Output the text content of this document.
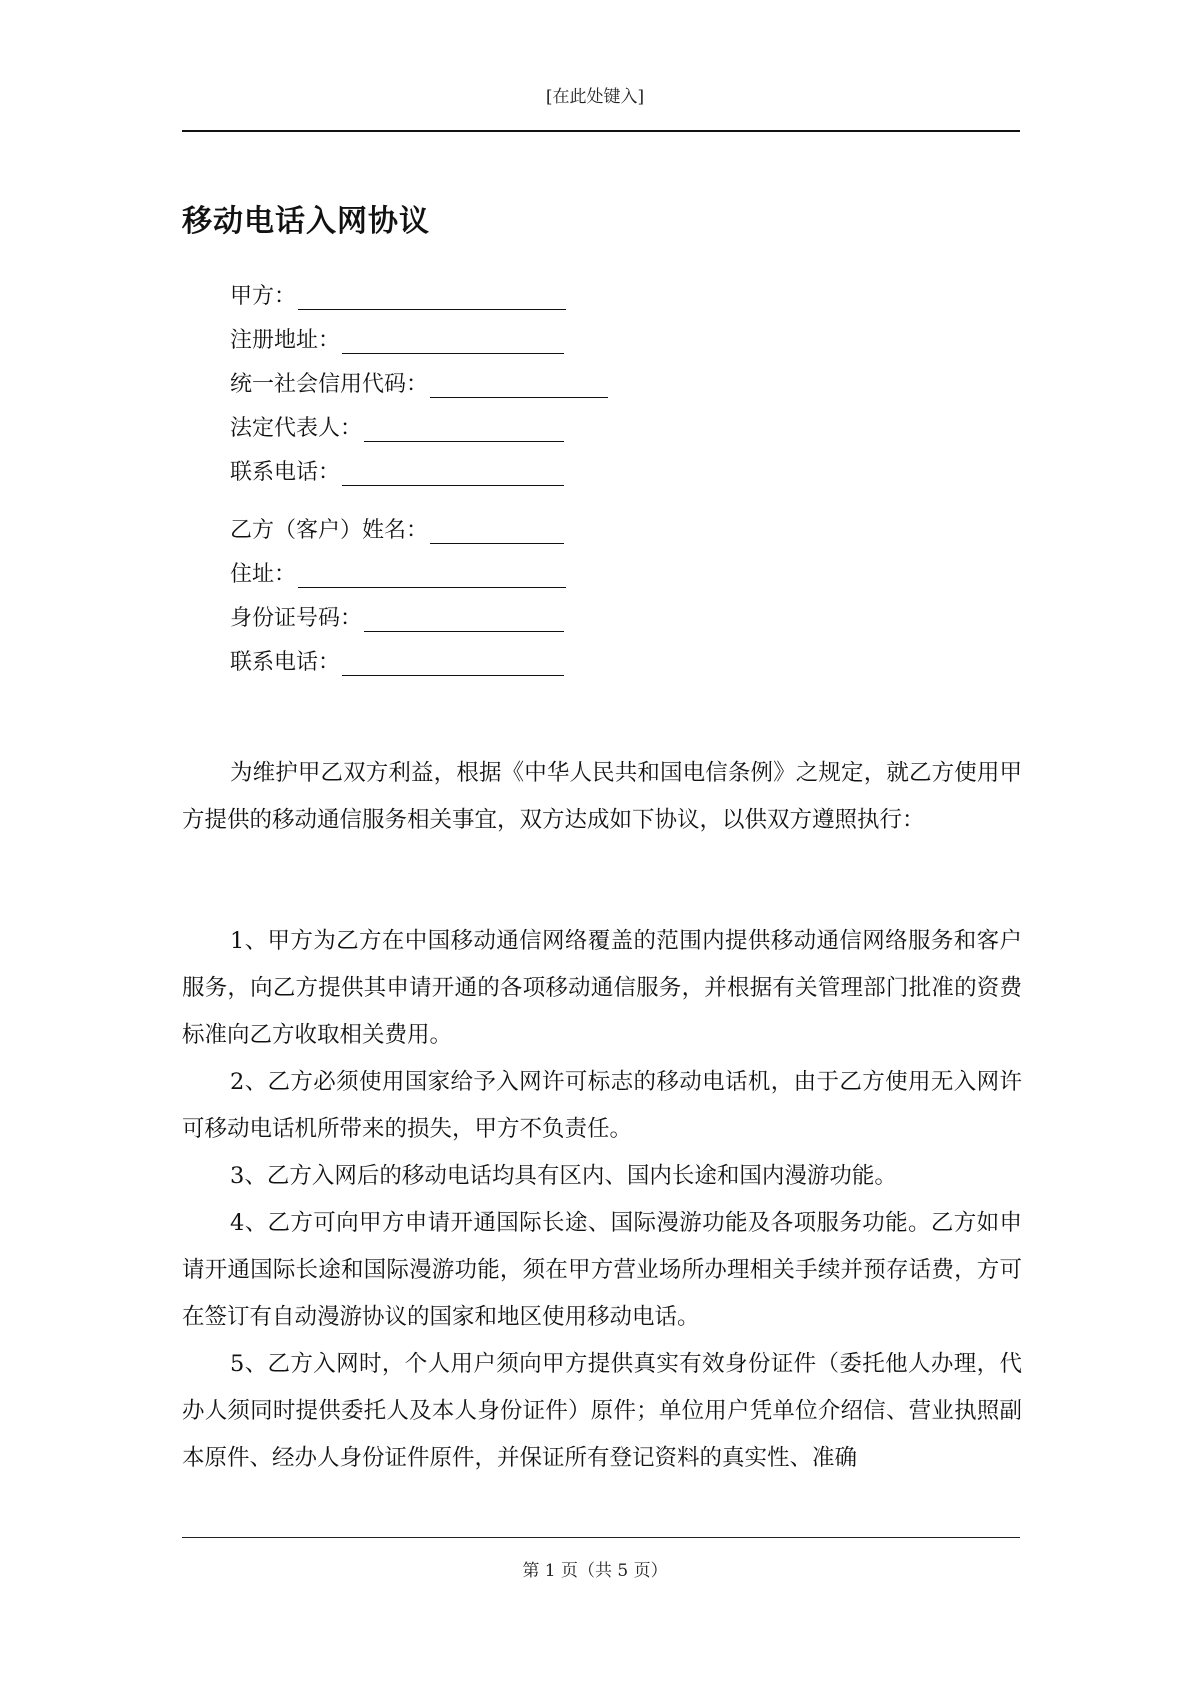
[在此处键入]
移动电话入网协议
甲方：
注册地址：
统一社会信用代码：
法定代表人：
联系电话：
乙方（客户）姓名：
住址：
身份证号码：
联系电话：

为维护甲乙双方利益，根据《中华人民共和国电信条例》之规定，就乙方使用甲方提供的移动通信服务相关事宜，双方达成如下协议，以供双方遵照执行：

1、甲方为乙方在中国移动通信网络覆盖的范围内提供移动通信网络服务和客户服务，向乙方提供其申请开通的各项移动通信服务，并根据有关管理部门批准的资费标准向乙方收取相关费用。

2、乙方必须使用国家给予入网许可标志的移动电话机，由于乙方使用无入网许可移动电话机所带来的损失，甲方不负责任。

3、乙方入网后的移动电话均具有区内、国内长途和国内漫游功能。

4、乙方可向甲方申请开通国际长途、国际漫游功能及各项服务功能。乙方如申请开通国际长途和国际漫游功能，须在甲方营业场所办理相关手续并预存话费，方可在签订有自动漫游协议的国家和地区使用移动电话。

5、乙方入网时，个人用户须向甲方提供真实有效身份证件（委托他人办理，代办人须同时提供委托人及本人身份证件）原件；单位用户凭单位介绍信、营业执照副本原件、经办人身份证件原件，并保证所有登记资料的真实性、准确

第 1 页（共 5 页）
